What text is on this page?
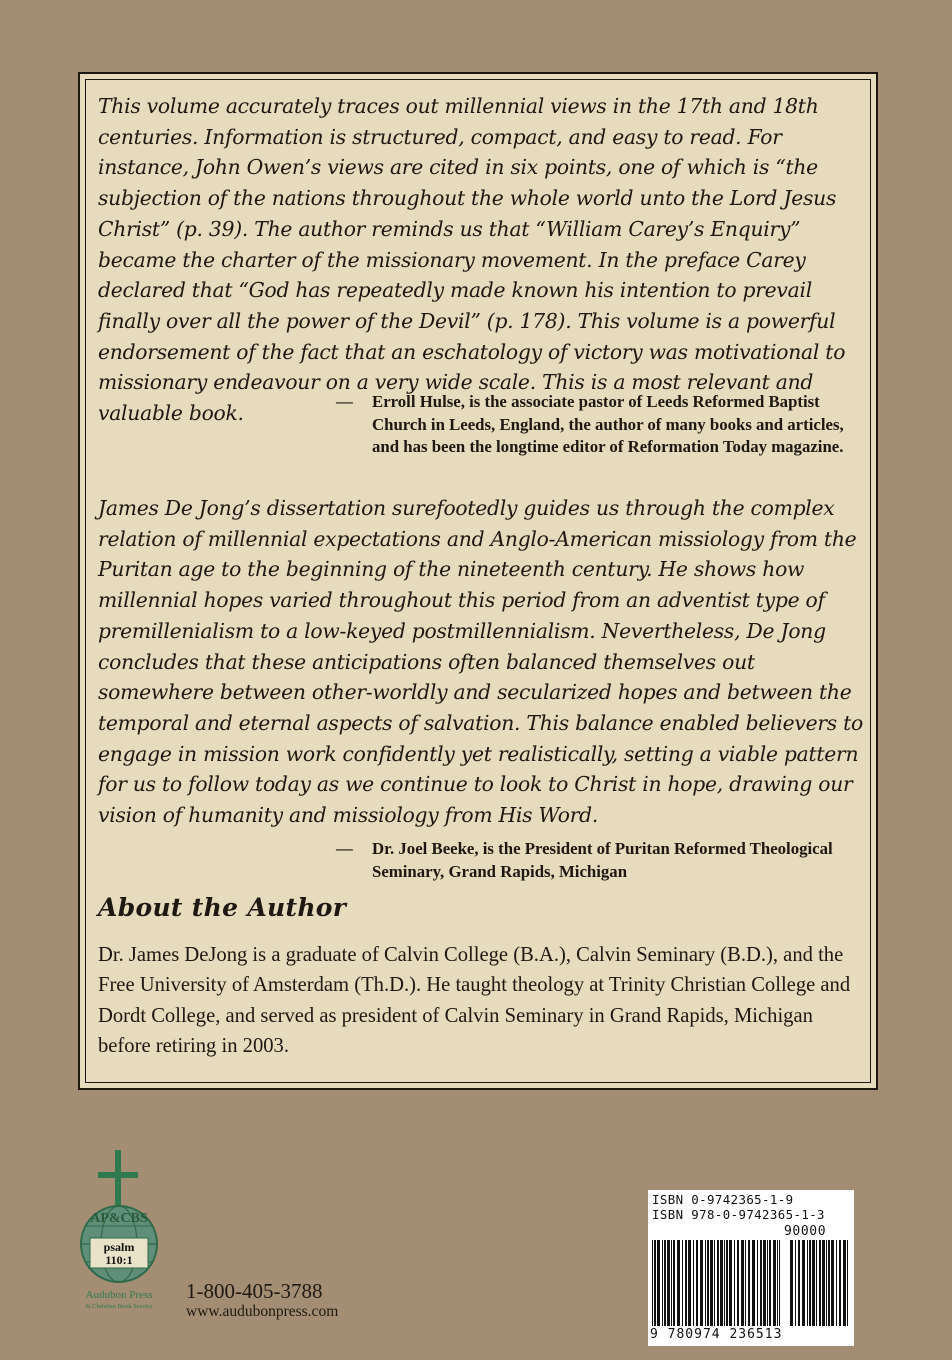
This volume accurately traces out millennial views in the 17th and 18th centuries. Information is structured, compact, and easy to read. For instance, John Owen’s views are cited in six points, one of which is “the subjection of the nations throughout the whole world unto the Lord Jesus Christ” (p. 39). The author reminds us that “William Carey’s Enquiry” became the charter of the missionary movement. In the preface Carey declared that “God has repeatedly made known his intention to prevail finally over all the power of the Devil” (p. 178). This volume is a powerful endorsement of the fact that an eschatology of victory was motivational to missionary endeavour on a very wide scale. This is a most relevant and valuable book.	— Erroll Hulse, is the associate pastor of Leeds Reformed Baptist Church in Leeds, England, the author of many books and articles, and has been the longtime editor of Reformation Today magazine.

James De Jong’s dissertation surefootedly guides us through the complex relation of millennial expectations and Anglo-American missiology from the Puritan age to the beginning of the nineteenth century. He shows how millennial hopes varied throughout this period from an adventist type of premillenialism to a low-keyed postmillennialism. Nevertheless, De Jong concludes that these anticipations often balanced themselves out somewhere between other-worldly and secularized hopes and between the temporal and eternal aspects of salvation. This balance enabled believers to engage in mission work confidently yet realistically, setting a viable pattern for us to follow today as we continue to look to Christ in hope, drawing our vision of humanity and missiology from His Word.

— Dr. Joel Beeke, is the President of Puritan Reformed Theological Seminary, Grand Rapids, Michigan
About the Author

Dr. James DeJong is a graduate of Calvin College (B.A.), Calvin Seminary (B.D.), and the Free University of Amsterdam (Th.D.). He taught theology at Trinity Christian College and Dordt College, and served as president of Calvin Seminary in Grand Rapids, Michigan before retiring in 2003.

AP&CBS
psalm
110:1
Audubon Press
& Christian Book Service

1-800-405-3788

www.audubonpress.com

ISBN 0-9742365-1-9

ISBN 978-0-9742365-1-3

90000

9 780974 236513
